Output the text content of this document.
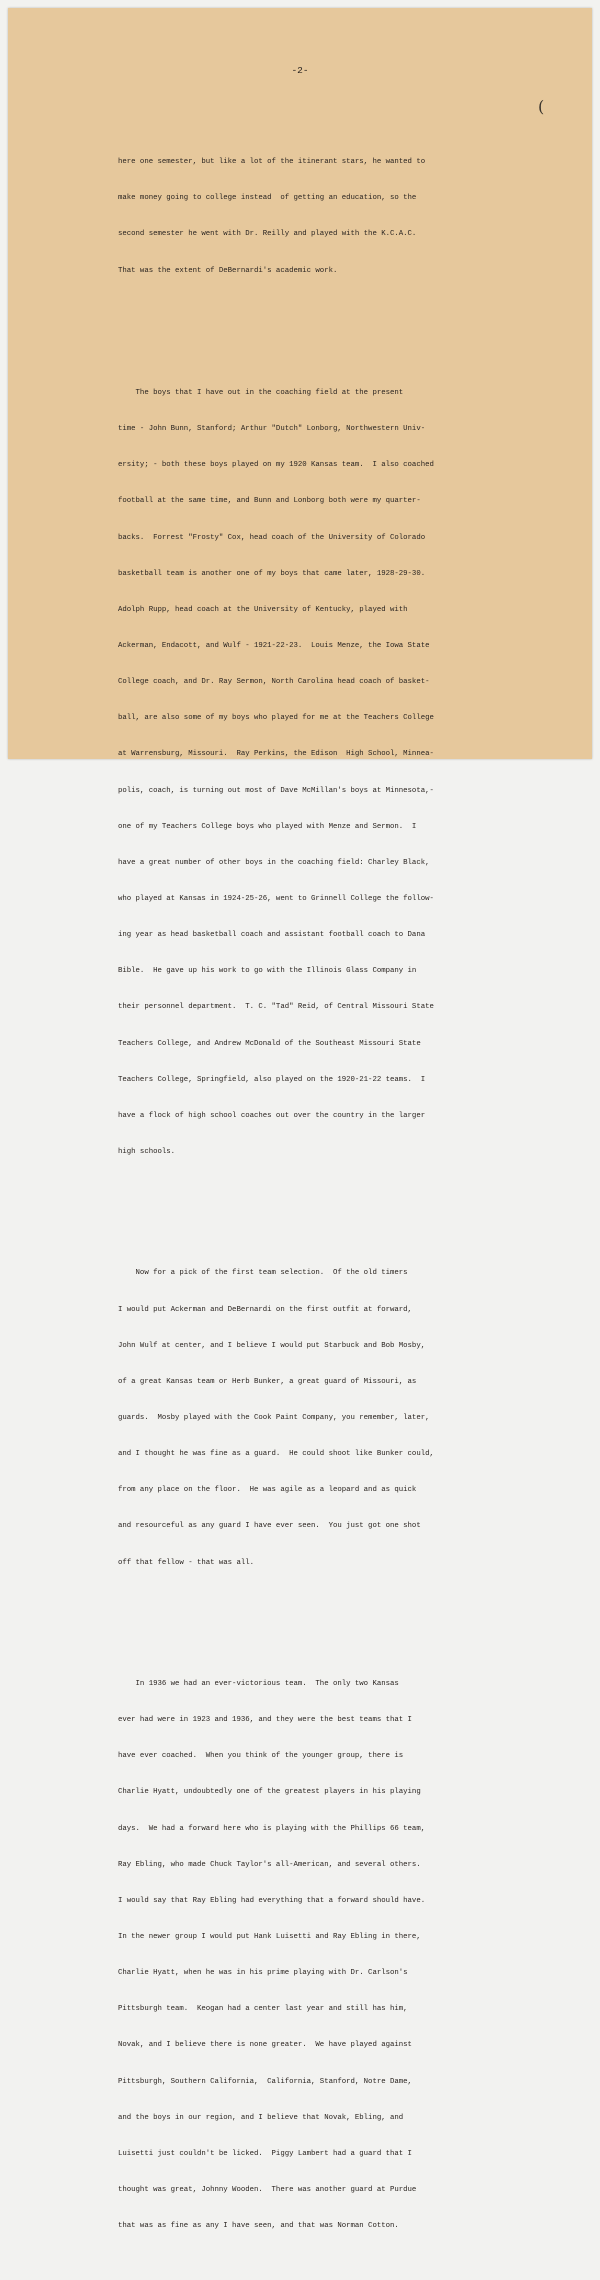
-2-
(

here one semester, but like a lot of the itinerant stars, he wanted to

make money going to college instead  of getting an education, so the

second semester he went with Dr. Reilly and played with the K.C.A.C.

That was the extent of DeBernardi's academic work.

The boys that I have out in the coaching field at the present

time - John Bunn, Stanford; Arthur "Dutch" Lonborg, Northwestern Univ-

ersity; - both these boys played on my 1920 Kansas team.  I also coached

football at the same time, and Bunn and Lonborg both were my quarter-

backs.  Forrest "Frosty" Cox, head coach of the University of Colorado

basketball team is another one of my boys that came later, 1928-29-30.

Adolph Rupp, head coach at the University of Kentucky, played with

Ackerman, Endacott, and Wulf - 1921-22-23.  Louis Menze, the Iowa State

College coach, and Dr. Ray Sermon, North Carolina head coach of basket-

ball, are also some of my boys who played for me at the Teachers College

at Warrensburg, Missouri.  Ray Perkins, the Edison  High School, Minnea-

polis, coach, is turning out most of Dave McMillan's boys at Minnesota,-

one of my Teachers College boys who played with Menze and Sermon.  I

have a great number of other boys in the coaching field: Charley Black,

who played at Kansas in 1924-25-26, went to Grinnell College the follow-

ing year as head basketball coach and assistant football coach to Dana

Bible.  He gave up his work to go with the Illinois Glass Company in

their personnel department.  T. C. "Tad" Reid, of Central Missouri State

Teachers College, and Andrew McDonald of the Southeast Missouri State

Teachers College, Springfield, also played on the 1920-21-22 teams.  I

have a flock of high school coaches out over the country in the larger

high schools.

Now for a pick of the first team selection.  Of the old timers

I would put Ackerman and DeBernardi on the first outfit at forward,

John Wulf at center, and I believe I would put Starbuck and Bob Mosby,

of a great Kansas team or Herb Bunker, a great guard of Missouri, as

guards.  Mosby played with the Cook Paint Company, you remember, later,

and I thought he was fine as a guard.  He could shoot like Bunker could,

from any place on the floor.  He was agile as a leopard and as quick

and resourceful as any guard I have ever seen.  You just got one shot

off that fellow - that was all.

In 1936 we had an ever-victorious team.  The only two Kansas

ever had were in 1923 and 1936, and they were the best teams that I

have ever coached.  When you think of the younger group, there is

Charlie Hyatt, undoubtedly one of the greatest players in his playing

days.  We had a forward here who is playing with the Phillips 66 team,

Ray Ebling, who made Chuck Taylor's all-American, and several others.

I would say that Ray Ebling had everything that a forward should have.

In the newer group I would put Hank Luisetti and Ray Ebling in there,

Charlie Hyatt, when he was in his prime playing with Dr. Carlson's

Pittsburgh team.  Keogan had a center last year and still has him,

Novak, and I believe there is none greater.  We have played against

Pittsburgh, Southern California,  California, Stanford, Notre Dame,

and the boys in our region, and I believe that Novak, Ebling, and

Luisetti just couldn't be licked.  Piggy Lambert had a guard that I

thought was great, Johnny Wooden.  There was another guard at Purdue

that was as fine as any I have seen, and that was Norman Cotton.
